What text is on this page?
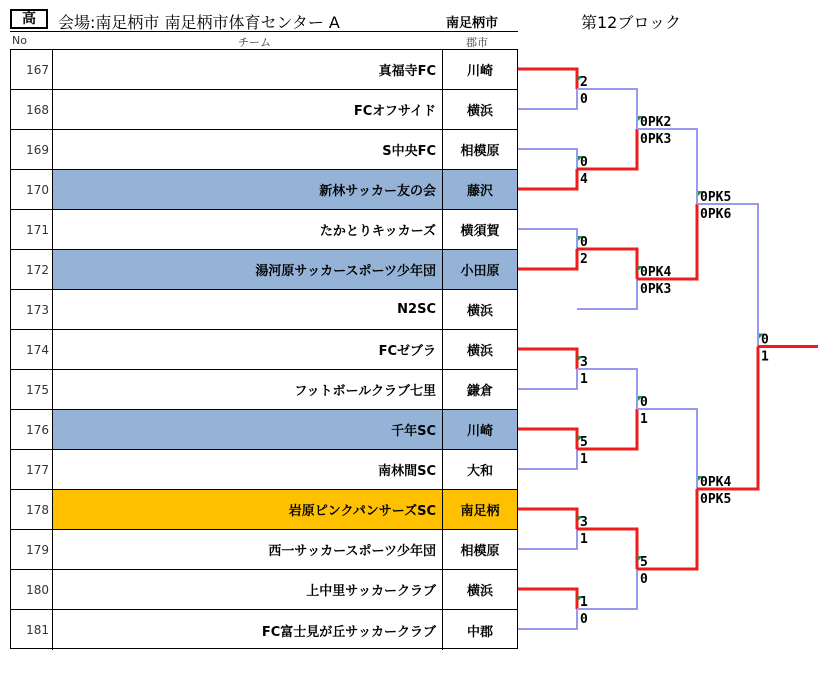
高	会場:南足柄市 南足柄市体育センター A	南足柄市	第12ブロック
No	チーム	郡市
167	真福寺FC	川崎
168	FCオフサイド	横浜
169	S中央FC	相模原
170	新林サッカー友の会	藤沢
171	たかとりキッカーズ	横須賀
172	湯河原サッカースポーツ少年団	小田原
173	N2SC	横浜
174	FCゼブラ	横浜
175	フットボールクラブ七里	鎌倉
176	千年SC	川崎
177	南林間SC	大和
178	岩原ピンクパンサーズSC	南足柄
179	西一サッカースポーツ少年団	相模原
180	上中里サッカークラブ	横浜
181	FC富士見が丘サッカークラブ	中郡
2
0
0
4
0
2
3
1
5
1
3
1
1
0
0PK2
0PK3
0PK4
0PK3
0
1
5
0
0PK5
0PK6
0PK4
0PK5
0
1
